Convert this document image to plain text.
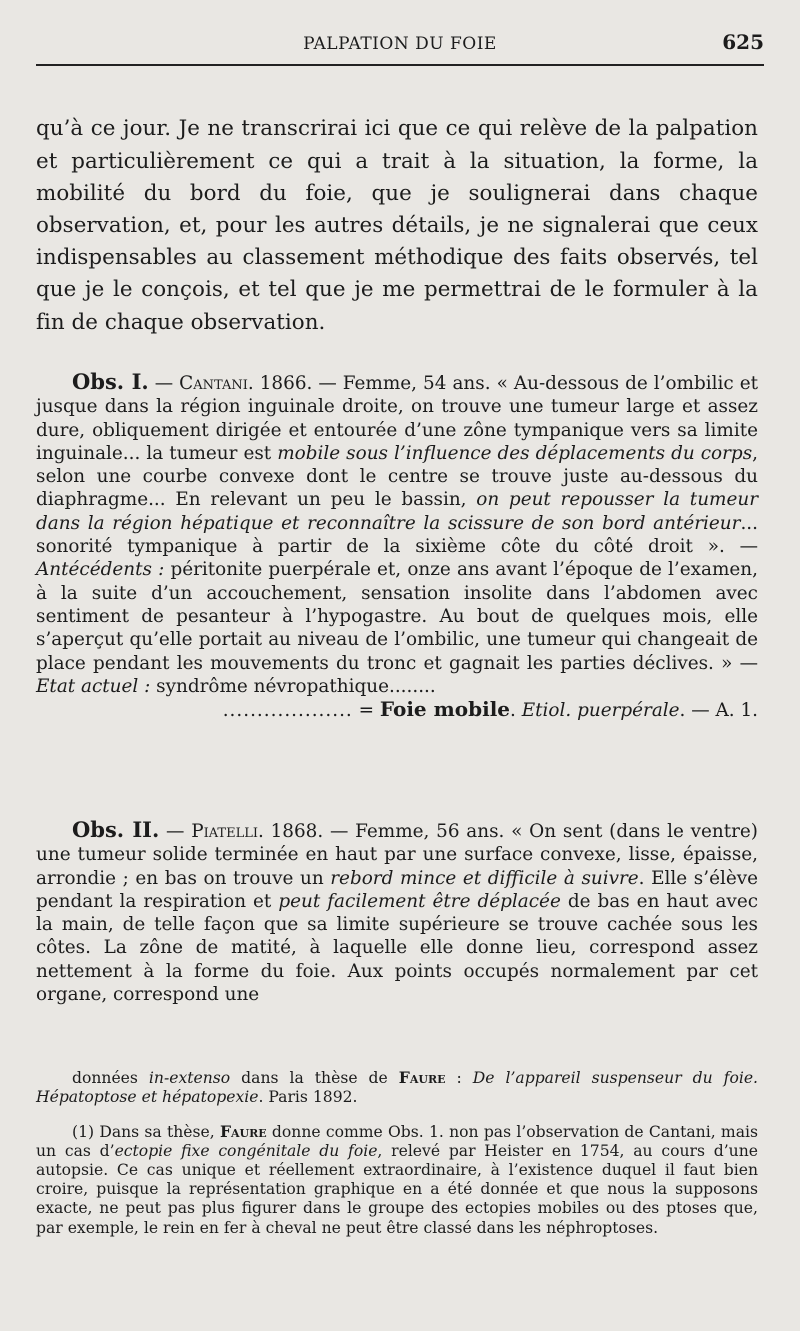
PALPATION DU FOIE	625

qu’à ce jour. Je ne transcrirai ici que ce qui relève de la palpation et particulièrement ce qui a trait à la situation, la forme, la mobilité du bord du foie, que je soulignerai dans chaque observation, et, pour les autres détails, je ne signalerai que ceux indispensables au classement méthodique des faits observés, tel que je le conçois, et tel que je me permettrai de le formuler à la fin de chaque observation.

Obs. I. — Cantani. 1866. — Femme, 54 ans. « Au-dessous de l’ombilic et jusque dans la région inguinale droite, on trouve une tumeur large et assez dure, obliquement dirigée et entourée d’une zône tympanique vers sa limite inguinale... la tumeur est mobile sous l’influence des déplacements du corps, selon une courbe convexe dont le centre se trouve juste au-dessous du diaphragme... En relevant un peu le bassin, on peut repousser la tumeur dans la région hépatique et reconnaître la scissure de son bord antérieur... sonorité tympanique à partir de la sixième côte du côté droit ». — Antécédents : péritonite puerpérale et, onze ans avant l’époque de l’examen, à la suite d’un accouchement, sensation insolite dans l’abdomen avec sentiment de pesanteur à l’hypogastre. Au bout de quelques mois, elle s’aperçut qu’elle portait au niveau de l’ombilic, une tumeur qui changeait de place pendant les mouvements du tronc et gagnait les parties déclives. » — Etat actuel : syndrôme névropathique........
................... = Foie mobile. Etiol. puerpérale. — A. 1.
Obs. II. — Piatelli. 1868. — Femme, 56 ans. « On sent (dans le ventre) une tumeur solide terminée en haut par une surface convexe, lisse, épaisse, arrondie ; en bas on trouve un rebord mince et difficile à suivre. Elle s’élève pendant la respiration et peut facilement être déplacée de bas en haut avec la main, de telle façon que sa limite supérieure se trouve cachée sous les côtes. La zône de matité, à laquelle elle donne lieu, correspond assez nettement à la forme du foie. Aux points occupés normalement par cet organe, correspond une

données in-extenso dans la thèse de Faure : De l’appareil suspenseur du foie. Hépatoptose et hépatopexie. Paris 1892.

(1) Dans sa thèse, Faure donne comme Obs. 1. non pas l’observation de Cantani, mais un cas d’ectopie fixe congénitale du foie, relevé par Heister en 1754, au cours d’une autopsie. Ce cas unique et réellement extraordinaire, à l’existence duquel il faut bien croire, puisque la représentation graphique en a été donnée et que nous la supposons exacte, ne peut pas plus figurer dans le groupe des ectopies mobiles ou des ptoses que, par exemple, le rein en fer à cheval ne peut être classé dans les néphroptoses.
